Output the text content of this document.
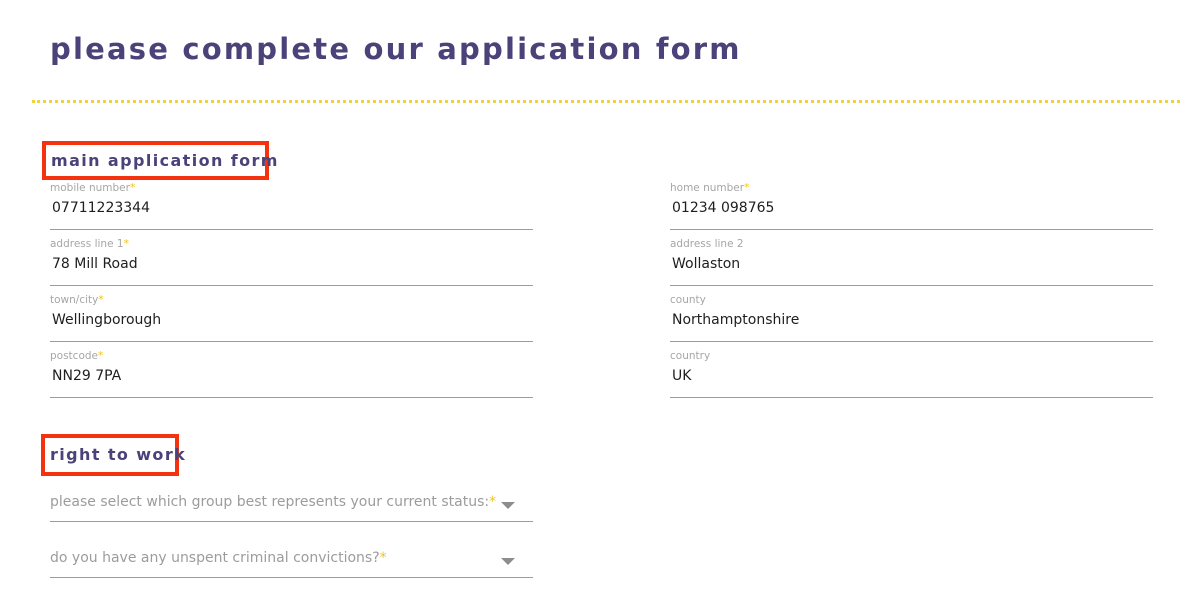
please complete our application form
main application form
mobile number*
07711223344
address line 1*
78 Mill Road
town/city*
Wellingborough
postcode*
NN29 7PA
home number*
01234 098765
address line 2
Wollaston
county
Northamptonshire
country
UK
right to work
please select which group best represents your current status:*
do you have any unspent criminal convictions?*
